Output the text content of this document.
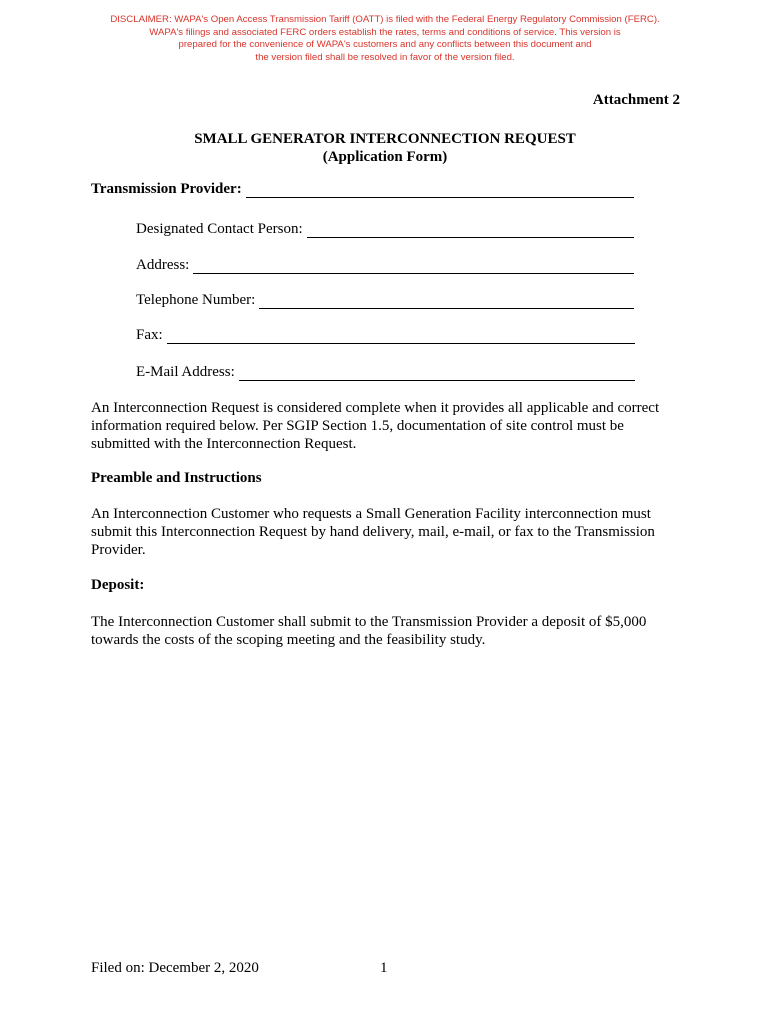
DISCLAIMER: WAPA's Open Access Transmission Tariff (OATT) is filed with the Federal Energy Regulatory Commission (FERC).
WAPA's filings and associated FERC orders establish the rates, terms and conditions of service. This version is
prepared for the convenience of WAPA's customers and any conflicts between this document and
the version filed shall be resolved in favor of the version filed.
Attachment 2
SMALL GENERATOR INTERCONNECTION REQUEST
(Application Form)
Transmission Provider:
Designated Contact Person:
Address:
Telephone Number:
Fax:
E-Mail Address:
An Interconnection Request is considered complete when it provides all applicable and correct
information required below. Per SGIP Section 1.5, documentation of site control must be
submitted with the Interconnection Request.
Preamble and Instructions
An Interconnection Customer who requests a Small Generation Facility interconnection must
submit this Interconnection Request by hand delivery, mail, e-mail, or fax to the Transmission
Provider.
Deposit:
The Interconnection Customer shall submit to the Transmission Provider a deposit of $5,000
towards the costs of the scoping meeting and the feasibility study.
Filed on: December 2, 2020	1
